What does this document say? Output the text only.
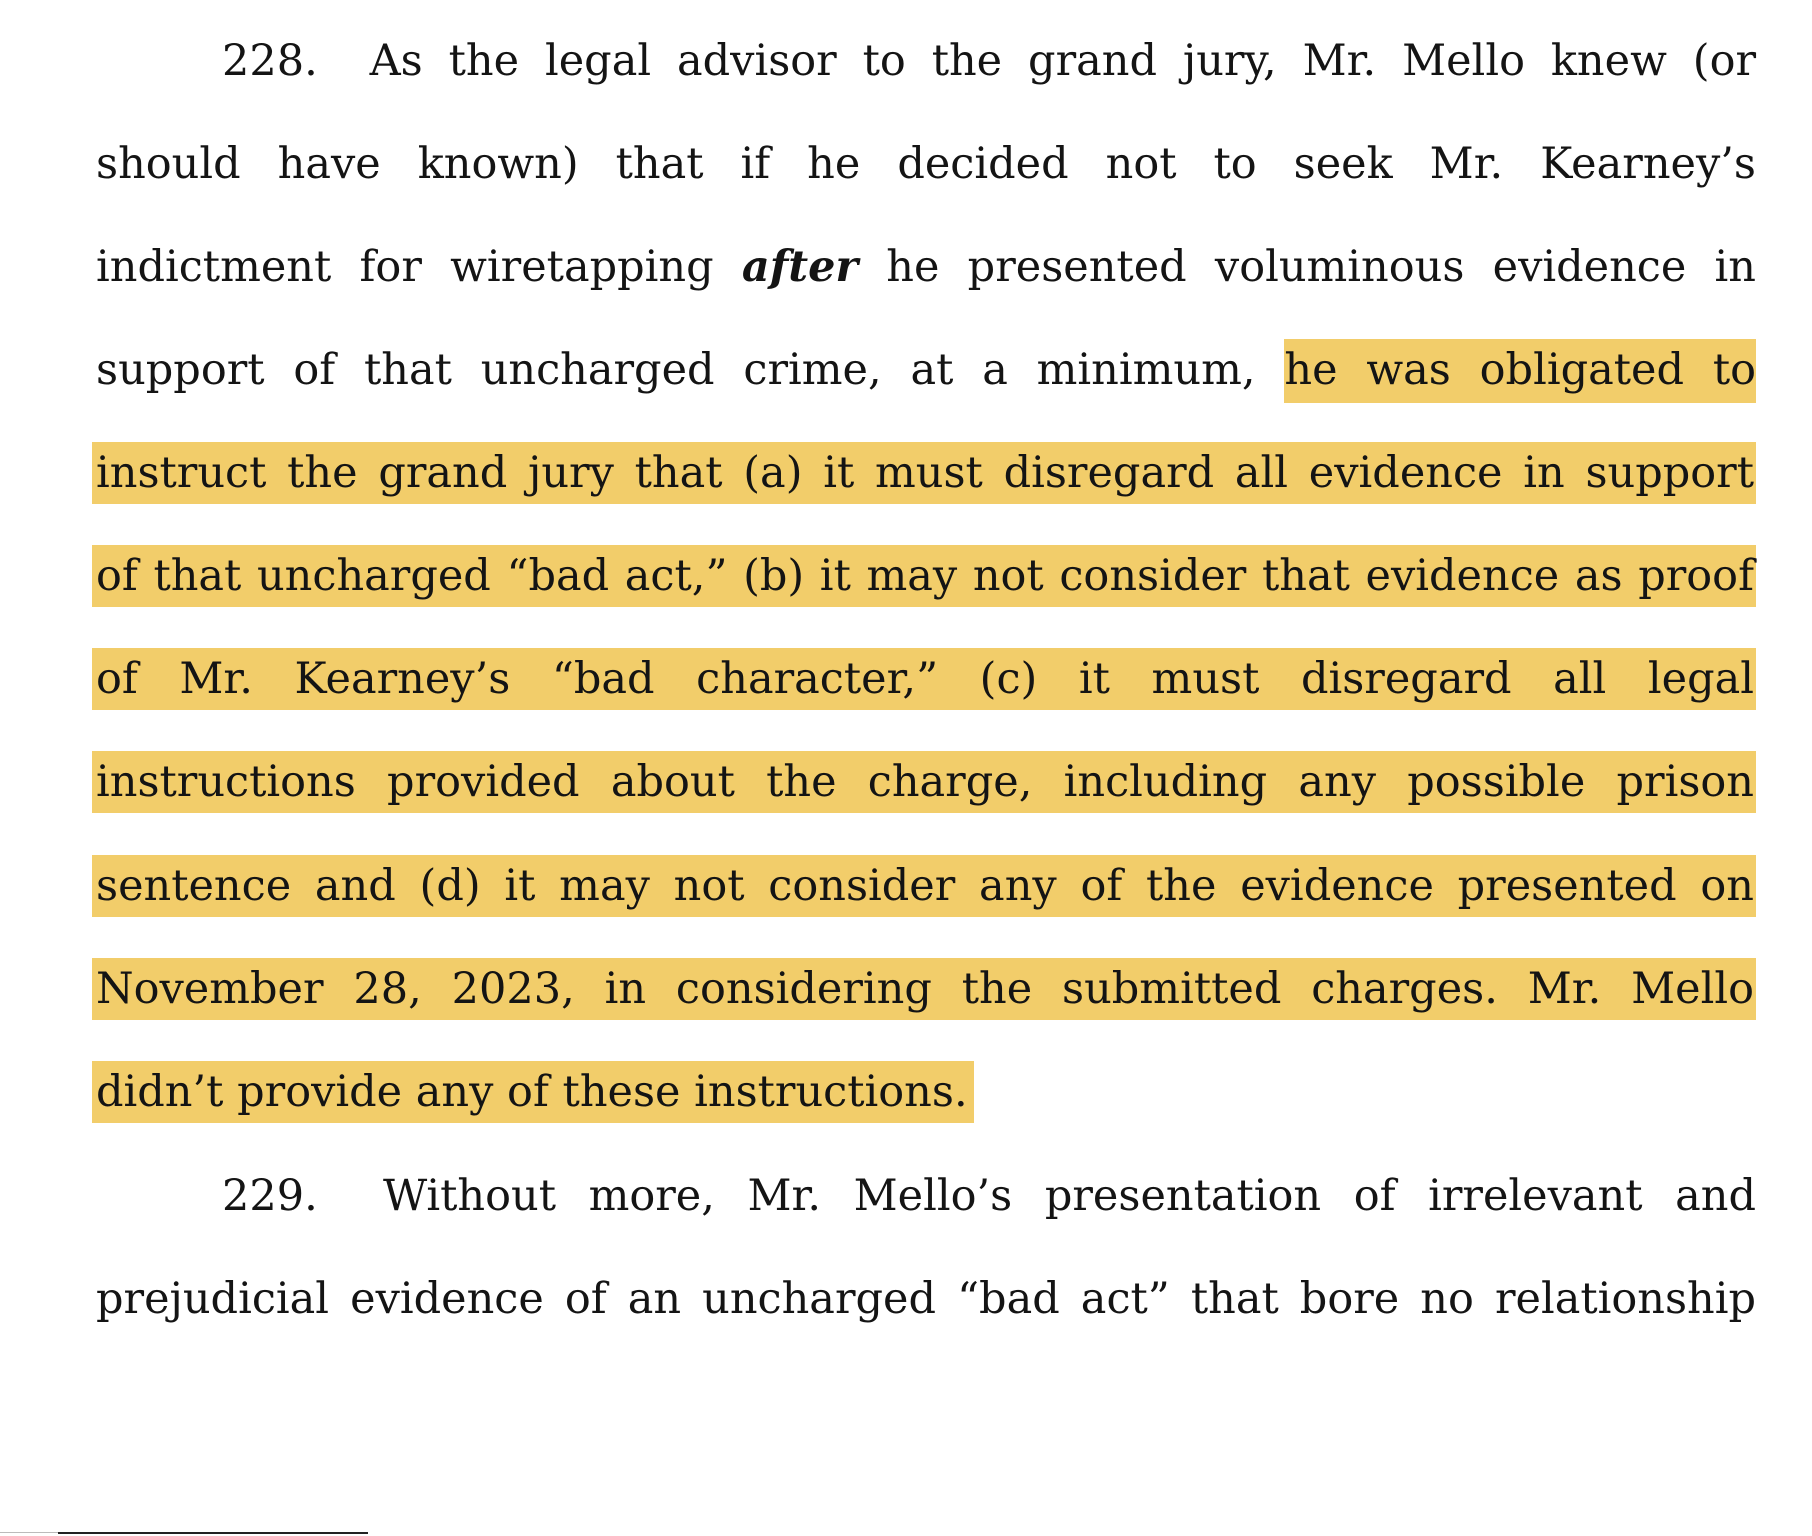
228. As the legal advisor to the grand jury, Mr. Mello knew (or
should have known) that if he decided not to seek Mr. Kearney’s
indictment for wiretapping after he presented voluminous evidence in
support of that uncharged crime, at a minimum, he was obligated to
instruct the grand jury that (a) it must disregard all evidence in support
of that uncharged “bad act,” (b) it may not consider that evidence as proof
of Mr. Kearney’s “bad character,” (c) it must disregard all legal
instructions provided about the charge, including any possible prison
sentence and (d) it may not consider any of the evidence presented on
November 28, 2023, in considering the submitted charges. Mr. Mello
didn’t provide any of these instructions.
229. Without more, Mr. Mello’s presentation of irrelevant and
prejudicial evidence of an uncharged “bad act” that bore no relationship
